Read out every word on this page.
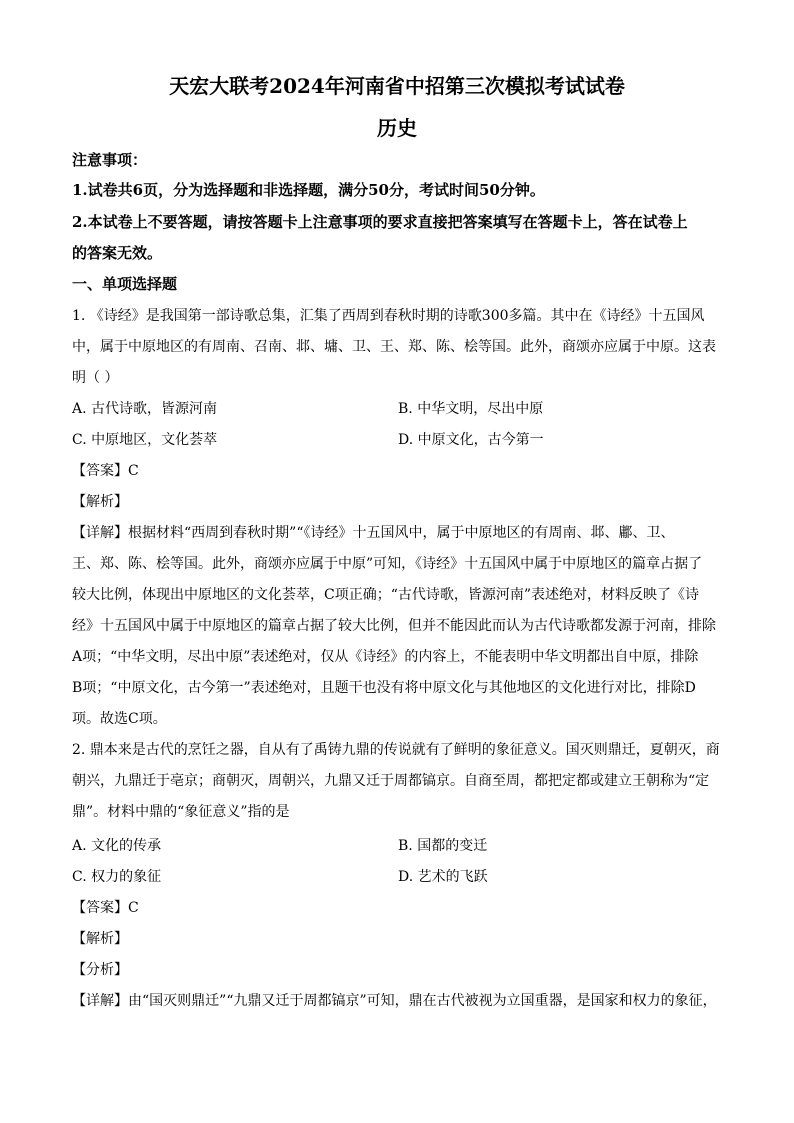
天宏大联考2024年河南省中招第三次模拟考试试卷
历史
注意事项：
1.试卷共6页，分为选择题和非选择题，满分50分，考试时间50分钟。
2.本试卷上不要答题，请按答题卡上注意事项的要求直接把答案填写在答题卡上，答在试卷上
的答案无效。
一、单项选择题
1. 《诗经》是我国第一部诗歌总集，汇集了西周到春秋时期的诗歌300多篇。其中在《诗经》十五国风
中，属于中原地区的有周南、召南、邶、墉、卫、王、郑、陈、桧等国。此外，商颂亦应属于中原。这表
明（ ）
A. 古代诗歌，皆源河南	B. 中华文明，尽出中原
C. 中原地区，文化荟萃	D. 中原文化，古今第一
【答案】C
【解析】
【详解】根据材料“西周到春秋时期”“《诗经》十五国风中，属于中原地区的有周南、邶、鄘、卫、
王、郑、陈、桧等国。此外，商颂亦应属于中原”可知，《诗经》十五国风中属于中原地区的篇章占据了
较大比例，体现出中原地区的文化荟萃，C项正确；“古代诗歌，皆源河南”表述绝对，材料反映了《诗
经》十五国风中属于中原地区的篇章占据了较大比例，但并不能因此而认为古代诗歌都发源于河南，排除
A项；“中华文明，尽出中原”表述绝对，仅从《诗经》的内容上，不能表明中华文明都出自中原，排除
B项；“中原文化，古今第一”表述绝对，且题干也没有将中原文化与其他地区的文化进行对比，排除D
项。故选C项。
2. 鼎本来是古代的烹饪之器，自从有了禹铸九鼎的传说就有了鲜明的象征意义。国灭则鼎迁，夏朝灭，商
朝兴，九鼎迁于亳京；商朝灭，周朝兴，九鼎又迁于周都镐京。自商至周，都把定都或建立王朝称为“定
鼎”。材料中鼎的“象征意义”指的是
A. 文化的传承	B. 国都的变迁
C. 权力的象征	D. 艺术的飞跃
【答案】C
【解析】
【分析】
【详解】由“国灭则鼎迁”“九鼎又迁于周都镐京”可知，鼎在古代被视为立国重器，是国家和权力的象征，
